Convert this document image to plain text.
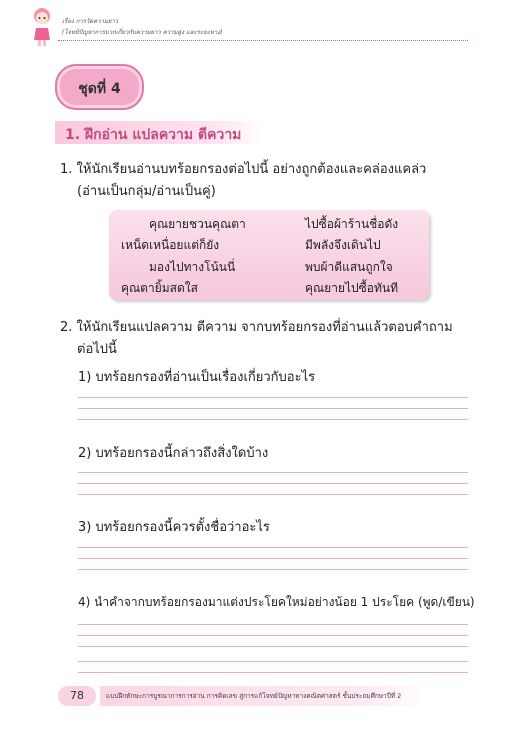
เรื่อง การวัดความยาว
(โจทย์ปัญหาการบวกเกี่ยวกับความยาว ความสูง และระยะทาง)
ชุดที่ 4
1. ฝึกอ่าน แปลความ ตีความ
1. ให้นักเรียนอ่านบทร้อยกรองต่อไปนี้ อย่างถูกต้องและคล่องแคล่ว
(อ่านเป็นกลุ่ม/อ่านเป็นคู่)
คุณยายชวนคุณตา	ไปซื้อผ้าร้านชื่อดัง
เหน็ดเหนื่อยแต่ก็ยัง	มีพลังจึงเดินไป
มองไปทางโน้นนี่	พบผ้าดีแสนถูกใจ
คุณตายิ้มสดใส	คุณยายไปซื้อทันที
2. ให้นักเรียนแปลความ ตีความ จากบทร้อยกรองที่อ่านแล้วตอบคำถาม
ต่อไปนี้
1) บทร้อยกรองที่อ่านเป็นเรื่องเกี่ยวกับอะไร
2) บทร้อยกรองนี้กล่าวถึงสิ่งใดบ้าง
3) บทร้อยกรองนี้ควรตั้งชื่อว่าอะไร
4) นำคำจากบทร้อยกรองมาแต่งประโยคใหม่อย่างน้อย 1 ประโยค (พูด/เขียน)
78	แบบฝึกทักษะการบูรณาการการอ่าน การคิดเลข สู่การแก้โจทย์ปัญหาทางคณิตศาสตร์ ชั้นประถมศึกษาปีที่ 2
